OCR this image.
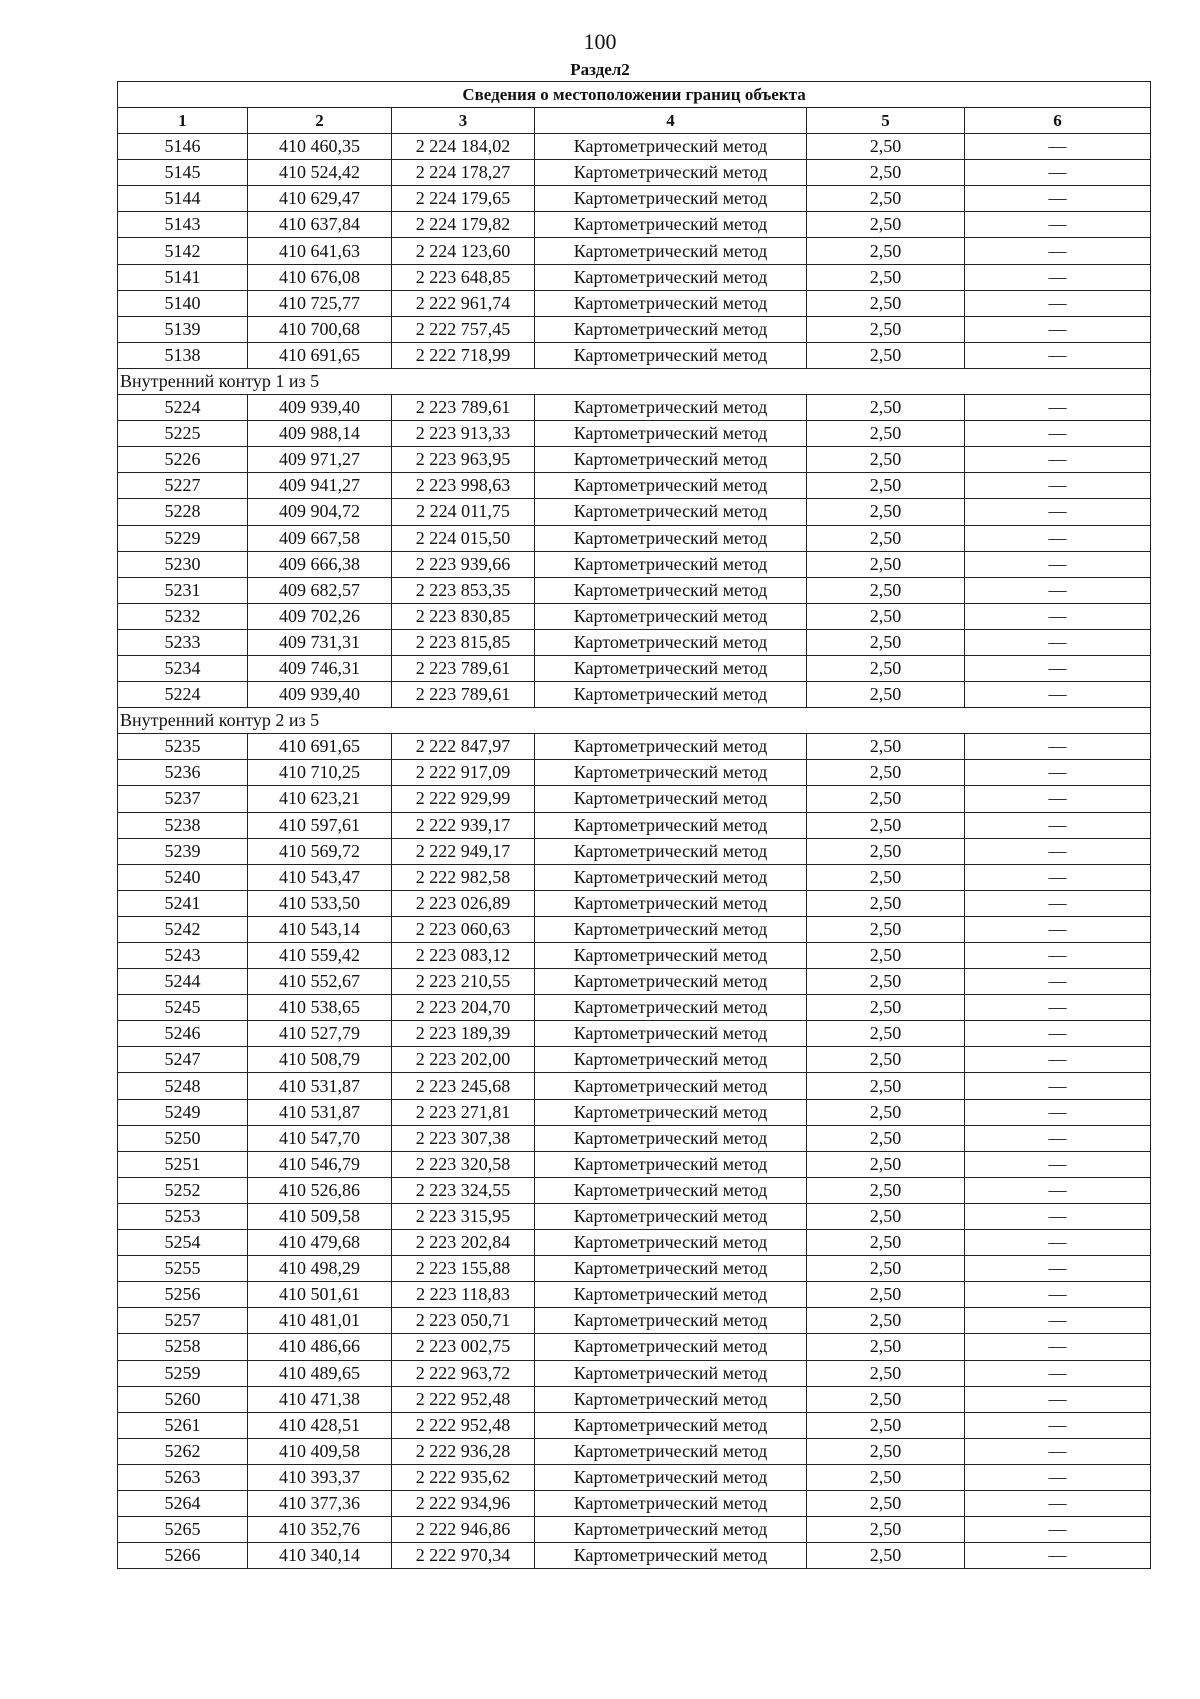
100
Раздел2
Сведения о местоположении границ объекта					
1	2	3	4	5	6
5146	410 460,35	2 224 184,02	Картометрический метод	2,50	—
5145	410 524,42	2 224 178,27	Картометрический метод	2,50	—
5144	410 629,47	2 224 179,65	Картометрический метод	2,50	—
5143	410 637,84	2 224 179,82	Картометрический метод	2,50	—
5142	410 641,63	2 224 123,60	Картометрический метод	2,50	—
5141	410 676,08	2 223 648,85	Картометрический метод	2,50	—
5140	410 725,77	2 222 961,74	Картометрический метод	2,50	—
5139	410 700,68	2 222 757,45	Картометрический метод	2,50	—
5138	410 691,65	2 222 718,99	Картометрический метод	2,50	—
Внутренний контур 1 из 5					
5224	409 939,40	2 223 789,61	Картометрический метод	2,50	—
5225	409 988,14	2 223 913,33	Картометрический метод	2,50	—
5226	409 971,27	2 223 963,95	Картометрический метод	2,50	—
5227	409 941,27	2 223 998,63	Картометрический метод	2,50	—
5228	409 904,72	2 224 011,75	Картометрический метод	2,50	—
5229	409 667,58	2 224 015,50	Картометрический метод	2,50	—
5230	409 666,38	2 223 939,66	Картометрический метод	2,50	—
5231	409 682,57	2 223 853,35	Картометрический метод	2,50	—
5232	409 702,26	2 223 830,85	Картометрический метод	2,50	—
5233	409 731,31	2 223 815,85	Картометрический метод	2,50	—
5234	409 746,31	2 223 789,61	Картометрический метод	2,50	—
5224	409 939,40	2 223 789,61	Картометрический метод	2,50	—
Внутренний контур 2 из 5					
5235	410 691,65	2 222 847,97	Картометрический метод	2,50	—
5236	410 710,25	2 222 917,09	Картометрический метод	2,50	—
5237	410 623,21	2 222 929,99	Картометрический метод	2,50	—
5238	410 597,61	2 222 939,17	Картометрический метод	2,50	—
5239	410 569,72	2 222 949,17	Картометрический метод	2,50	—
5240	410 543,47	2 222 982,58	Картометрический метод	2,50	—
5241	410 533,50	2 223 026,89	Картометрический метод	2,50	—
5242	410 543,14	2 223 060,63	Картометрический метод	2,50	—
5243	410 559,42	2 223 083,12	Картометрический метод	2,50	—
5244	410 552,67	2 223 210,55	Картометрический метод	2,50	—
5245	410 538,65	2 223 204,70	Картометрический метод	2,50	—
5246	410 527,79	2 223 189,39	Картометрический метод	2,50	—
5247	410 508,79	2 223 202,00	Картометрический метод	2,50	—
5248	410 531,87	2 223 245,68	Картометрический метод	2,50	—
5249	410 531,87	2 223 271,81	Картометрический метод	2,50	—
5250	410 547,70	2 223 307,38	Картометрический метод	2,50	—
5251	410 546,79	2 223 320,58	Картометрический метод	2,50	—
5252	410 526,86	2 223 324,55	Картометрический метод	2,50	—
5253	410 509,58	2 223 315,95	Картометрический метод	2,50	—
5254	410 479,68	2 223 202,84	Картометрический метод	2,50	—
5255	410 498,29	2 223 155,88	Картометрический метод	2,50	—
5256	410 501,61	2 223 118,83	Картометрический метод	2,50	—
5257	410 481,01	2 223 050,71	Картометрический метод	2,50	—
5258	410 486,66	2 223 002,75	Картометрический метод	2,50	—
5259	410 489,65	2 222 963,72	Картометрический метод	2,50	—
5260	410 471,38	2 222 952,48	Картометрический метод	2,50	—
5261	410 428,51	2 222 952,48	Картометрический метод	2,50	—
5262	410 409,58	2 222 936,28	Картометрический метод	2,50	—
5263	410 393,37	2 222 935,62	Картометрический метод	2,50	—
5264	410 377,36	2 222 934,96	Картометрический метод	2,50	—
5265	410 352,76	2 222 946,86	Картометрический метод	2,50	—
5266	410 340,14	2 222 970,34	Картометрический метод	2,50	—
